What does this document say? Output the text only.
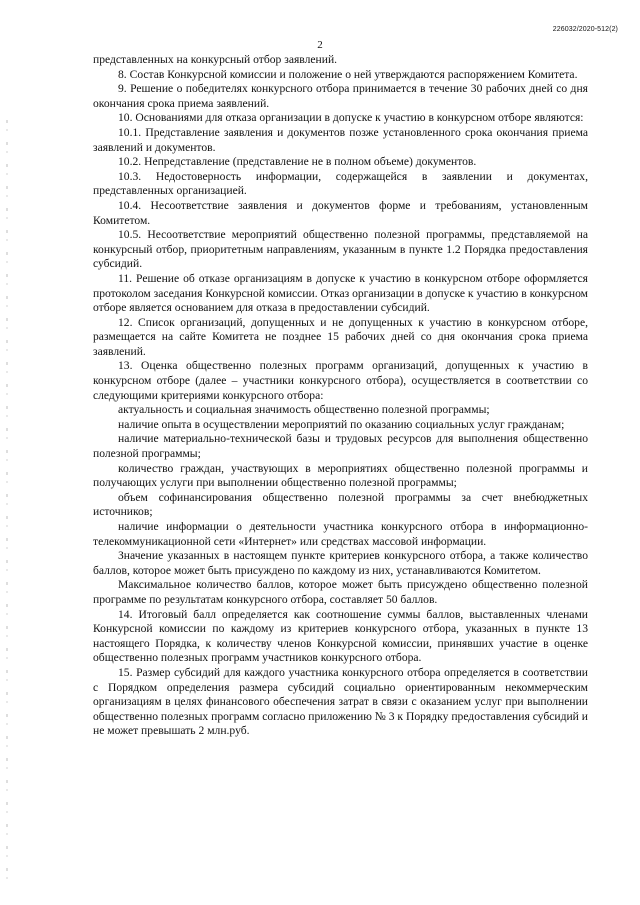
226032/2020-512(2)
2

представленных на конкурсный отбор заявлений.

8. Состав Конкурсной комиссии и положение о ней утверждаются распоряжением Комитета.

9. Решение о победителях конкурсного отбора принимается в течение 30 рабочих дней со дня окончания срока приема заявлений.

10. Основаниями для отказа организации в допуске к участию в конкурсном отборе являются:

10.1. Представление заявления и документов позже установленного срока окончания приема заявлений и документов.

10.2. Непредставление (представление не в полном объеме) документов.

10.3. Недостоверность информации, содержащейся в заявлении и документах, представленных организацией.

10.4. Несоответствие заявления и документов форме и требованиям, установленным Комитетом.

10.5. Несоответствие мероприятий общественно полезной программы, представляемой на конкурсный отбор, приоритетным направлениям, указанным в пункте 1.2 Порядка предоставления субсидий.

11. Решение об отказе организациям в допуске к участию в конкурсном отборе оформляется протоколом заседания Конкурсной комиссии. Отказ организации в допуске к участию в конкурсном отборе является основанием для отказа в предоставлении субсидий.

12. Список организаций, допущенных и не допущенных к участию в конкурсном отборе, размещается на сайте Комитета не позднее 15 рабочих дней со дня окончания срока приема заявлений.

13. Оценка общественно полезных программ организаций, допущенных к участию в конкурсном отборе (далее – участники конкурсного отбора), осуществляется в соответствии со следующими критериями конкурсного отбора:

актуальность и социальная значимость общественно полезной программы;

наличие опыта в осуществлении мероприятий по оказанию социальных услуг гражданам;

наличие материально-технической базы и трудовых ресурсов для выполнения общественно полезной программы;

количество граждан, участвующих в мероприятиях общественно полезной программы и получающих услуги при выполнении общественно полезной программы;

объем софинансирования общественно полезной программы за счет внебюджетных источников;

наличие информации о деятельности участника конкурсного отбора в информационно-телекоммуникационной сети «Интернет» или средствах массовой информации.

Значение указанных в настоящем пункте критериев конкурсного отбора, а также количество баллов, которое может быть присуждено по каждому из них, устанавливаются Комитетом.

Максимальное количество баллов, которое может быть присуждено общественно полезной программе по результатам конкурсного отбора, составляет 50 баллов.

14. Итоговый балл определяется как соотношение суммы баллов, выставленных членами Конкурсной комиссии по каждому из критериев конкурсного отбора, указанных в пункте 13 настоящего Порядка, к количеству членов Конкурсной комиссии, принявших участие в оценке общественно полезных программ участников конкурсного отбора.

15. Размер субсидий для каждого участника конкурсного отбора определяется в соответствии с Порядком определения размера субсидий социально ориентированным некоммерческим организациям в целях финансового обеспечения затрат в связи с оказанием услуг при выполнении общественно полезных программ согласно приложению № 3 к Порядку предоставления субсидий и не может превышать 2 млн.руб.
